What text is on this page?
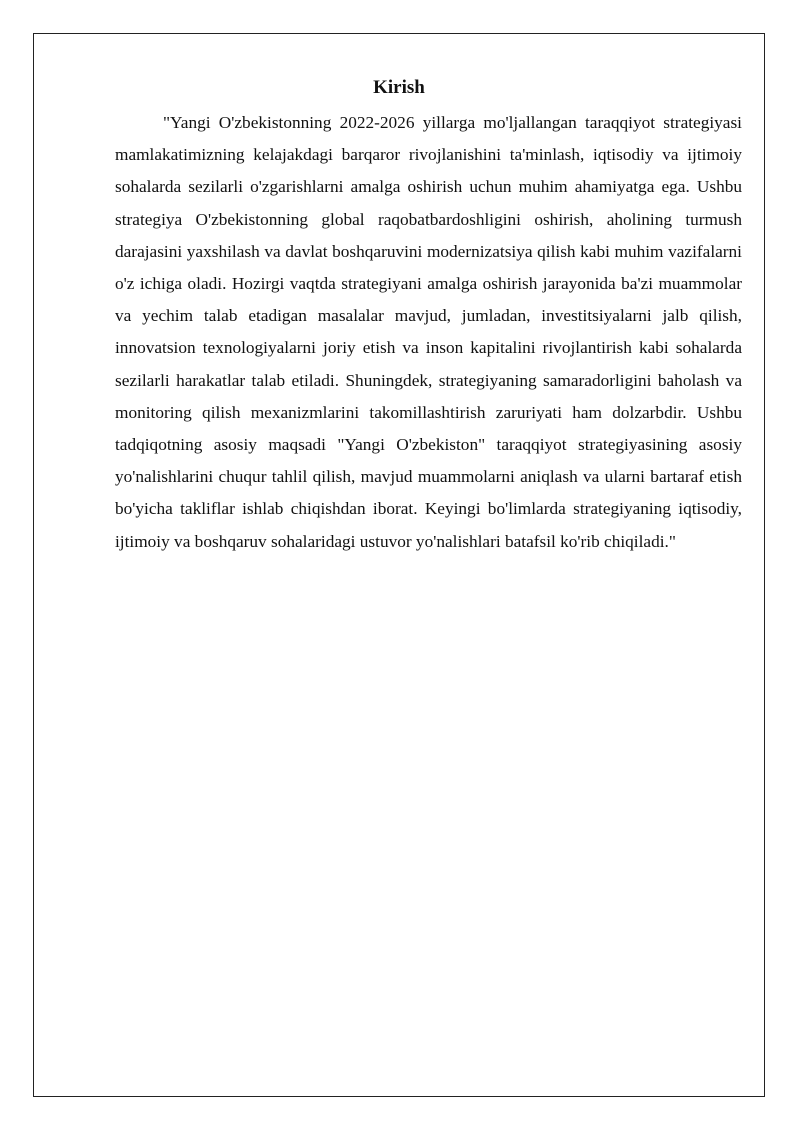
Kirish

"Yangi O'zbekistonning 2022-2026 yillarga mo'ljallangan taraqqiyot strategiyasi mamlakatimizning kelajakdagi barqaror rivojlanishini ta'minlash, iqtisodiy va ijtimoiy sohalarda sezilarli o'zgarishlarni amalga oshirish uchun muhim ahamiyatga ega. Ushbu strategiya O'zbekistonning global raqobatbardoshligini oshirish, aholining turmush darajasini yaxshilash va davlat boshqaruvini modernizatsiya qilish kabi muhim vazifalarni o'z ichiga oladi. Hozirgi vaqtda strategiyani amalga oshirish jarayonida ba'zi muammolar va yechim talab etadigan masalalar mavjud, jumladan, investitsiyalarni jalb qilish, innovatsion texnologiyalarni joriy etish va inson kapitalini rivojlantirish kabi sohalarda sezilarli harakatlar talab etiladi. Shuningdek, strategiyaning samaradorligini baholash va monitoring qilish mexanizmlarini takomillashtirish zaruriyati ham dolzarbdir. Ushbu tadqiqotning asosiy maqsadi "Yangi O'zbekiston" taraqqiyot strategiyasining asosiy yo'nalishlarini chuqur tahlil qilish, mavjud muammolarni aniqlash va ularni bartaraf etish bo'yicha takliflar ishlab chiqishdan iborat. Keyingi bo'limlarda strategiyaning iqtisodiy, ijtimoiy va boshqaruv sohalaridagi ustuvor yo'nalishlari batafsil ko'rib chiqiladi."
